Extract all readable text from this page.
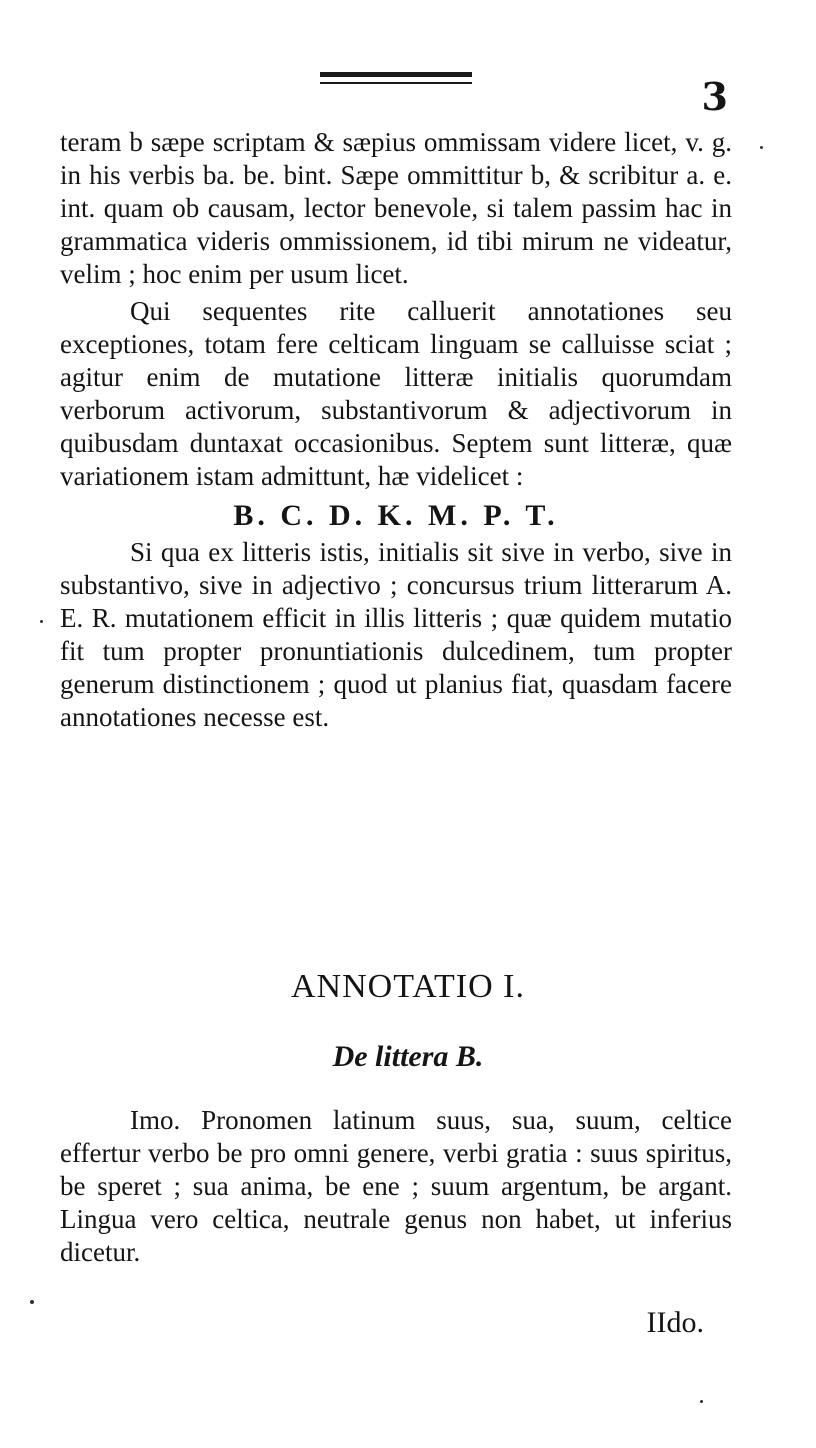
3

teram b sæpe scriptam & sæpius ommissam videre licet, v. g. in his verbis ba. be. bint. Sæpe ommittitur b, & scribitur a. e. int. quam ob causam, lector benevole, si talem passim hac in grammatica videris ommissionem, id tibi mirum ne videatur, velim ; hoc enim per usum licet.

Qui sequentes rite calluerit annotationes seu exceptiones, totam fere celticam linguam se calluisse sciat ; agitur enim de mutatione litteræ initialis quorumdam verborum activorum, substantivorum & adjectivorum in quibusdam duntaxat occasionibus. Septem sunt litteræ, quæ variationem istam admittunt, hæ videlicet :

B. C. D. K. M. P. T.

Si qua ex litteris istis, initialis sit sive in verbo, sive in substantivo, sive in adjectivo ; concursus trium litterarum A. E. R. mutationem efficit in illis litteris ; quæ quidem mutatio fit tum propter pronuntiationis dulcedinem, tum propter generum distinctionem ; quod ut planius fiat, quasdam facere annotationes necesse est.

ANNOTATIO I.
De littera B.

Imo. Pronomen latinum suus, sua, suum, celtice effertur verbo be pro omni genere, verbi gratia : suus spiritus, be speret ; sua anima, be ene ; suum argentum, be argant. Lingua vero celtica, neutrale genus non habet, ut inferius dicetur.

IIdo.
